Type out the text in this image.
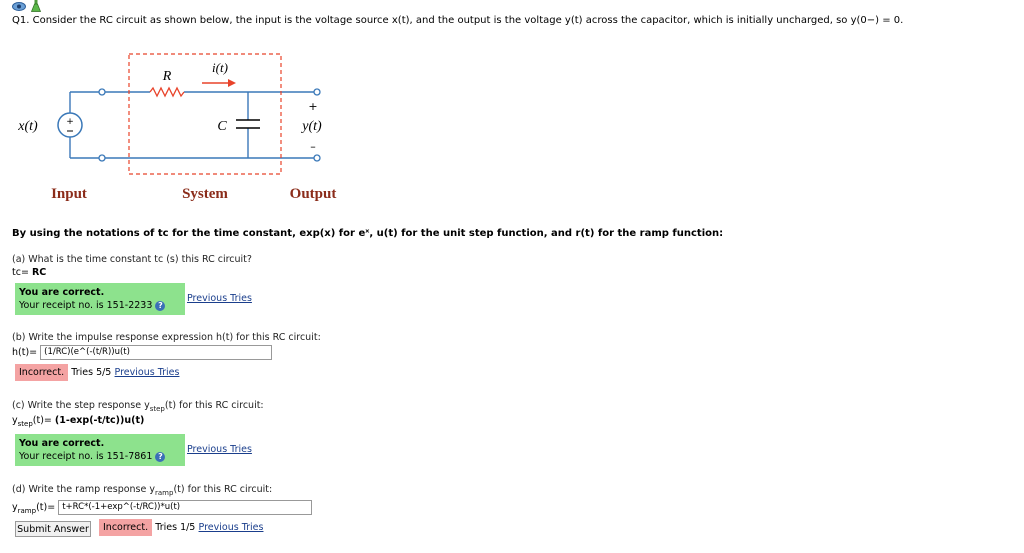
Q1. Consider the RC circuit as shown below, the input is the voltage source x(t), and the output is the voltage y(t) across the capacitor, which is initially uncharged, so y(0−) = 0.
+
R
i(t)
C
x(t)	y(t)
+
–
Input	System	Output
By using the notations of tc for the time constant, exp(x) for eˣ, u(t) for the unit step function, and r(t) for the ramp function:
(a) What is the time constant tc (s) this RC circuit?
tc= RC
You are correct.
Your receipt no. is 151-2233 ?
Previous Tries
(b) Write the impulse response expression h(t) for this RC circuit:
h(t)= (1/RC)(e^(-(t/R))u(t)
Incorrect. Tries 5/5 Previous Tries
(c) Write the step response $y_{step}(t)$ for this RC circuit:
$y_{step}(t)= (1-\exp(-t/tc))u(t)$
You are correct.
Your receipt no. is 151-7861 ?
Previous Tries
(d) Write the ramp response $y_{ramp}(t)$ for this RC circuit:
$y_{ramp}(t)=$ t+RC*(-1+exp^(-t/RC))*u(t)
Submit Answer	Incorrect. Tries 1/5 Previous Tries
